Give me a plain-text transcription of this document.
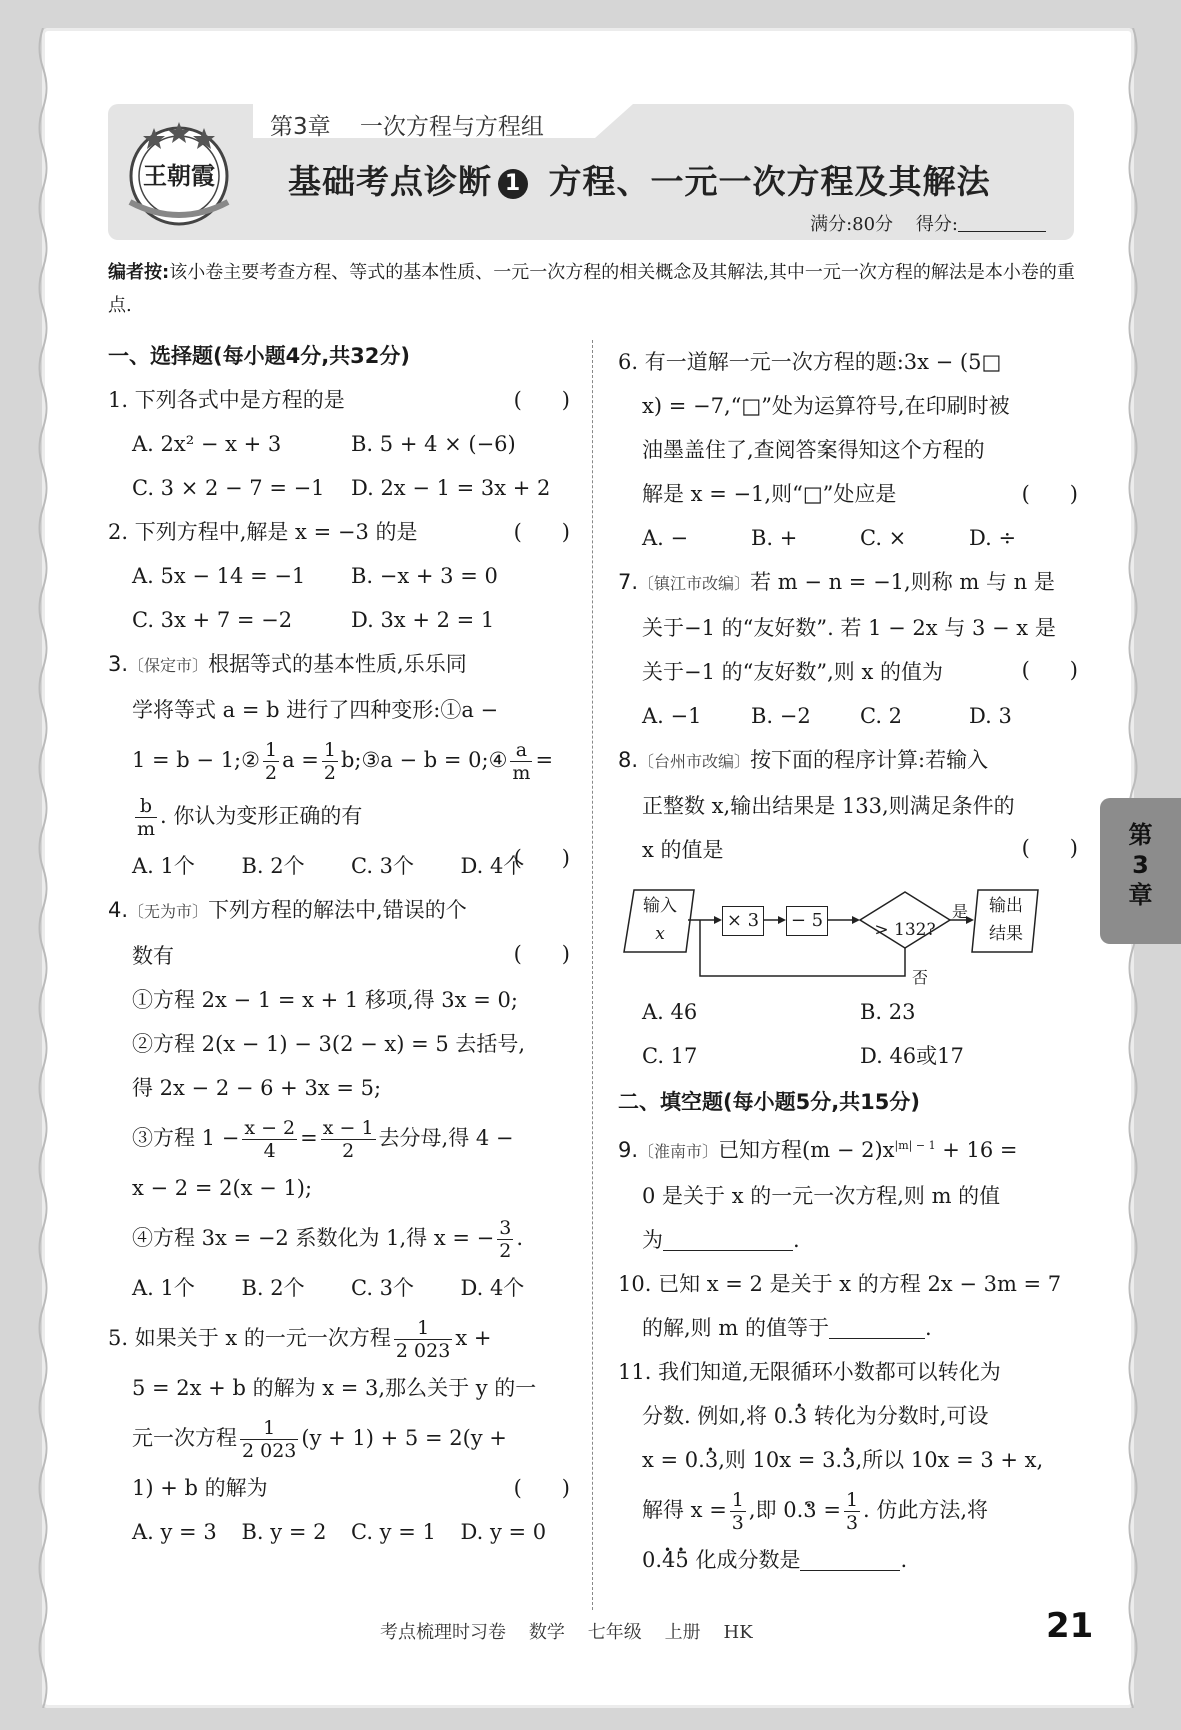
王朝霞
第3章    一次方程与方程组
基础考点诊断 1 方程、一元一次方程及其解法
满分:80分    得分:
编者按:该小卷主要考查方程、等式的基本性质、一元一次方程的相关概念及其解法,其中一元一次方程的解法是本小卷的重点.
一、选择题(每小题4分,共32分)
1. 下列各式中是方程的是	(      )
A. 2x² − x + 3	B. 5 + 4 × (−6)
C. 3 × 2 − 7 = −1	D. 2x − 1 = 3x + 2
2. 下列方程中,解是 x = −3 的是	(      )
A. 5x − 14 = −1	B. −x + 3 = 0
C. 3x + 7 = −2	D. 3x + 2 = 1
3.〔保定市〕根据等式的基本性质,乐乐同
学将等式 a = b 进行了四种变形:①a −
1 = b − 1;② $\frac{1}{2}$ $a = \frac{1}{2}$ b;③a − b = 0;④ $\frac{a}{m}$ =
$\frac{b}{m}$ . 你认为变形正确的有
(      )
A. 1个	B. 2个	C. 3个	D. 4个
4.〔无为市〕下列方程的解法中,错误的个
数有	(      )
①方程 2x − 1 = x + 1 移项,得 3x = 0;
②方程 2(x − 1) − 3(2 − x) = 5 去括号,
得 2x − 2 − 6 + 3x = 5;
③方程 $1 - \frac{x - 2}{4} = \frac{x - 1}{2}$ 去分母,得 4 −
x − 2 = 2(x − 1);
④方程 3x = −2 系数化为 1,得 x = − $\frac{3}{2}$ .
A. 1个	B. 2个	C. 3个	D. 4个
5. 如果关于 x 的一元一次方程 $\frac{1}{2 023}$ x +
5 = 2x + b 的解为 x = 3,那么关于 y 的一
元一次方程 $\frac{1}{2 023} (y + 1) + 5 = 2(y$ +
1) + b 的解为	(      )
A. y = 3	B. y = 2	C. y = 1	D. y = 0
6. 有一道解一元一次方程的题:3x − (5□
x) = −7,“□”处为运算符号,在印刷时被
油墨盖住了,查阅答案得知这个方程的
解是 x = −1,则“□”处应是	(      )
A. −	B. +	C. ×	D. ÷
7.〔镇江市改编〕若 m − n = −1,则称 m 与 n 是
关于−1 的“友好数”. 若 1 − 2x 与 3 − x 是
关于−1 的“友好数”,则 x 的值为	(      )
A. −1	B. −2	C. 2	D. 3
8.〔台州市改编〕按下面的程序计算:若输入
正整数 x,输出结果是 133,则满足条件的
x 的值是	(      )
输入
x
× 3 − 5	> 132?
是
否
输出
结果
A. 46	B. 23
C. 17	D. 46或17
二、填空题(每小题5分,共15分)
9.〔淮南市〕已知方程$(m - 2)x^{|m| - 1} + 16$ =
0 是关于 x 的一元一次方程,则 m 的值
为	.
10. 已知 x = 2 是关于 x 的方程 2x − 3m = 7
的解,则 m 的值等于	.
11. 我们知道,无限循环小数都可以转化为
分数. 例如,将 0.• 3 转化为分数时,可设
x = 0.• 3,则 10x = 3.• 3,所以 10x = 3 + x,
解得 $x = \frac{1}{3}$ ,即 0.• $3 = \frac{1}{3}$ . 仿此方法,将
0.• 4• 5 化成分数是	.
第
3
章
考点梳理时习卷    数学    七年级    上册    HK	21
